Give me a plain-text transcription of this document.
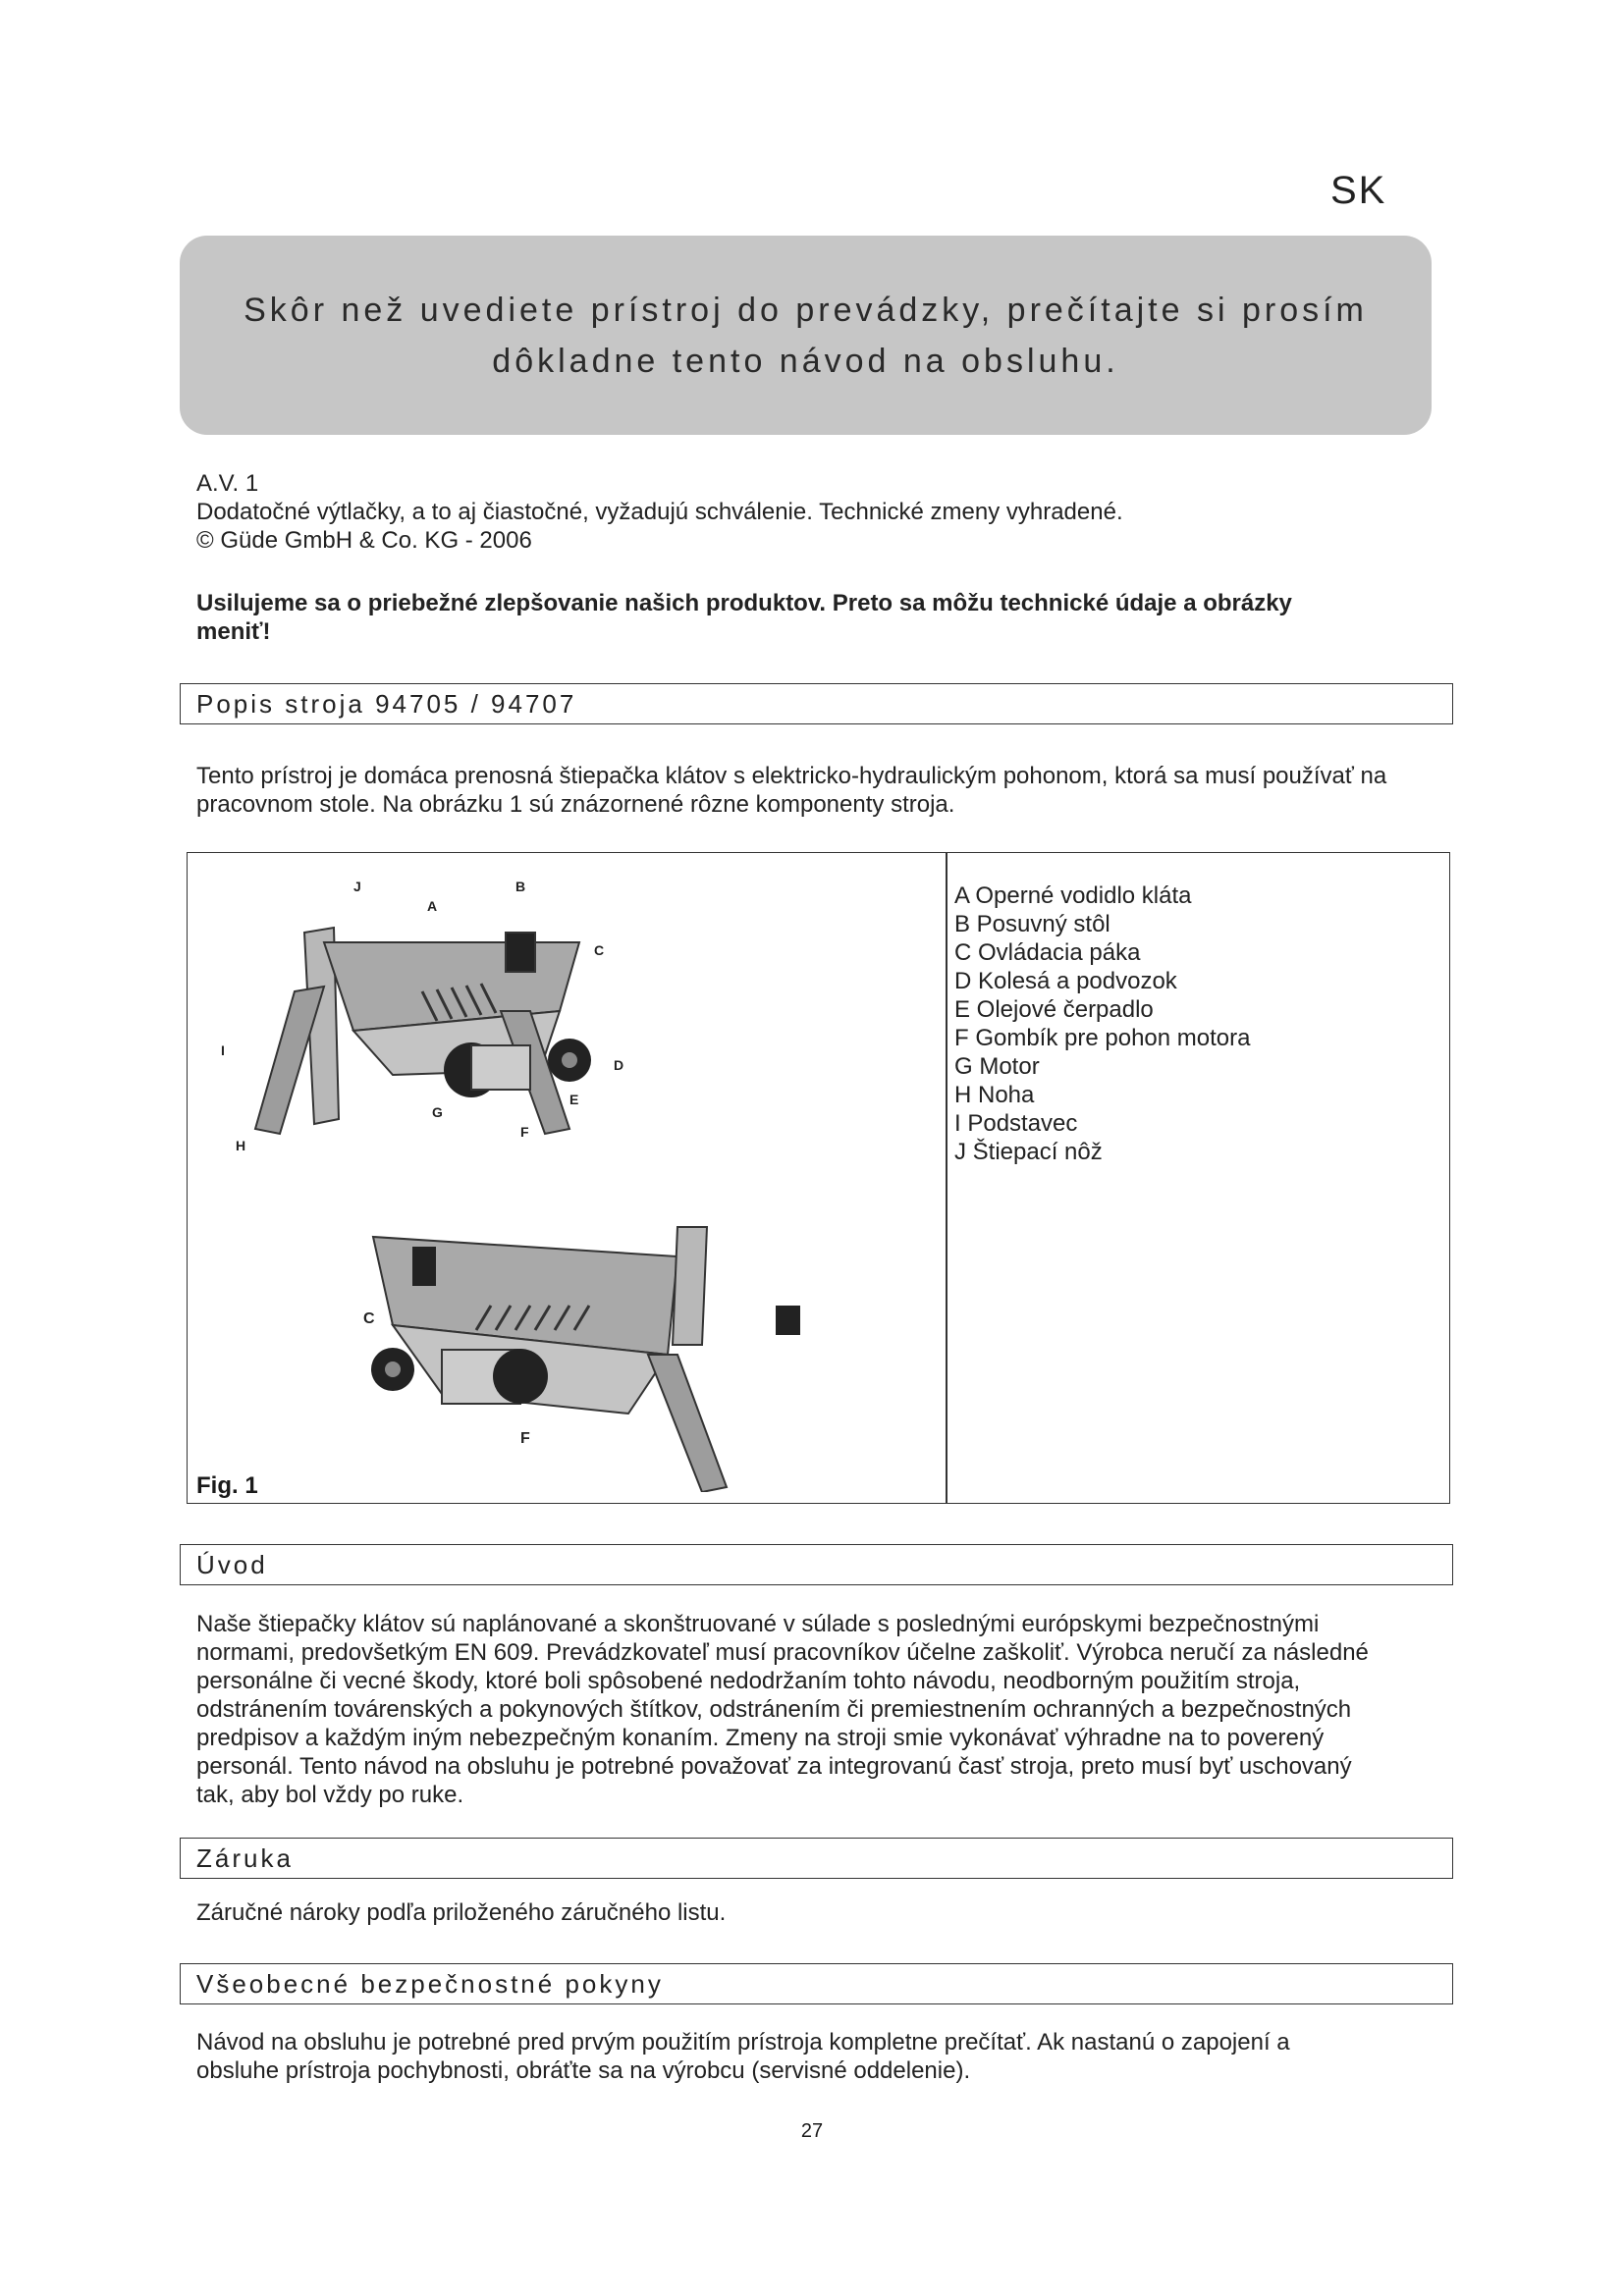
SK
Skôr než uvediete prístroj do prevádzky, prečítajte si prosím
dôkladne tento návod na obsluhu.
A.V. 1
Dodatočné výtlačky, a to aj čiastočné, vyžadujú schválenie. Technické zmeny vyhradené.
© Güde GmbH & Co. KG - 2006
Usilujeme sa o priebežné zlepšovanie našich produktov. Preto sa môžu technické údaje a obrázky
meniť!
Popis stroja 94705 / 94707
Tento prístroj je domáca prenosná štiepačka klátov s elektricko-hydraulickým pohonom, ktorá sa musí používať na
pracovnom stole. Na obrázku 1 sú znázornené rôzne komponenty stroja.
J	B
A
C
I
D
E
G
F
H
C
F
A Operné vodidlo kláta
B Posuvný stôl
C Ovládacia páka
D Kolesá a podvozok
E Olejové čerpadlo
F Gombík pre pohon motora
G Motor
H Noha
I Podstavec
J Štiepací nôž
Fig. 1
Úvod
Naše štiepačky klátov sú naplánované a skonštruované v súlade s poslednými európskymi bezpečnostnými
normami, predovšetkým EN 609. Prevádzkovateľ musí pracovníkov účelne zaškoliť. Výrobca neručí za následné
personálne či vecné škody, ktoré boli spôsobené nedodržaním tohto návodu, neodborným použitím stroja,
odstránením továrenských a pokynových štítkov, odstránením či premiestnením ochranných a bezpečnostných
predpisov a každým iným nebezpečným konaním. Zmeny na stroji smie vykonávať výhradne na to poverený
personál. Tento návod na obsluhu je potrebné považovať za integrovanú časť stroja, preto musí byť uschovaný
tak, aby bol vždy po ruke.
Záruka
Záručné nároky podľa priloženého záručného listu.
Všeobecné bezpečnostné pokyny
Návod na obsluhu je potrebné pred prvým použitím prístroja kompletne prečítať. Ak nastanú o zapojení a
obsluhe prístroja pochybnosti, obráťte sa na výrobcu (servisné oddelenie).
27
